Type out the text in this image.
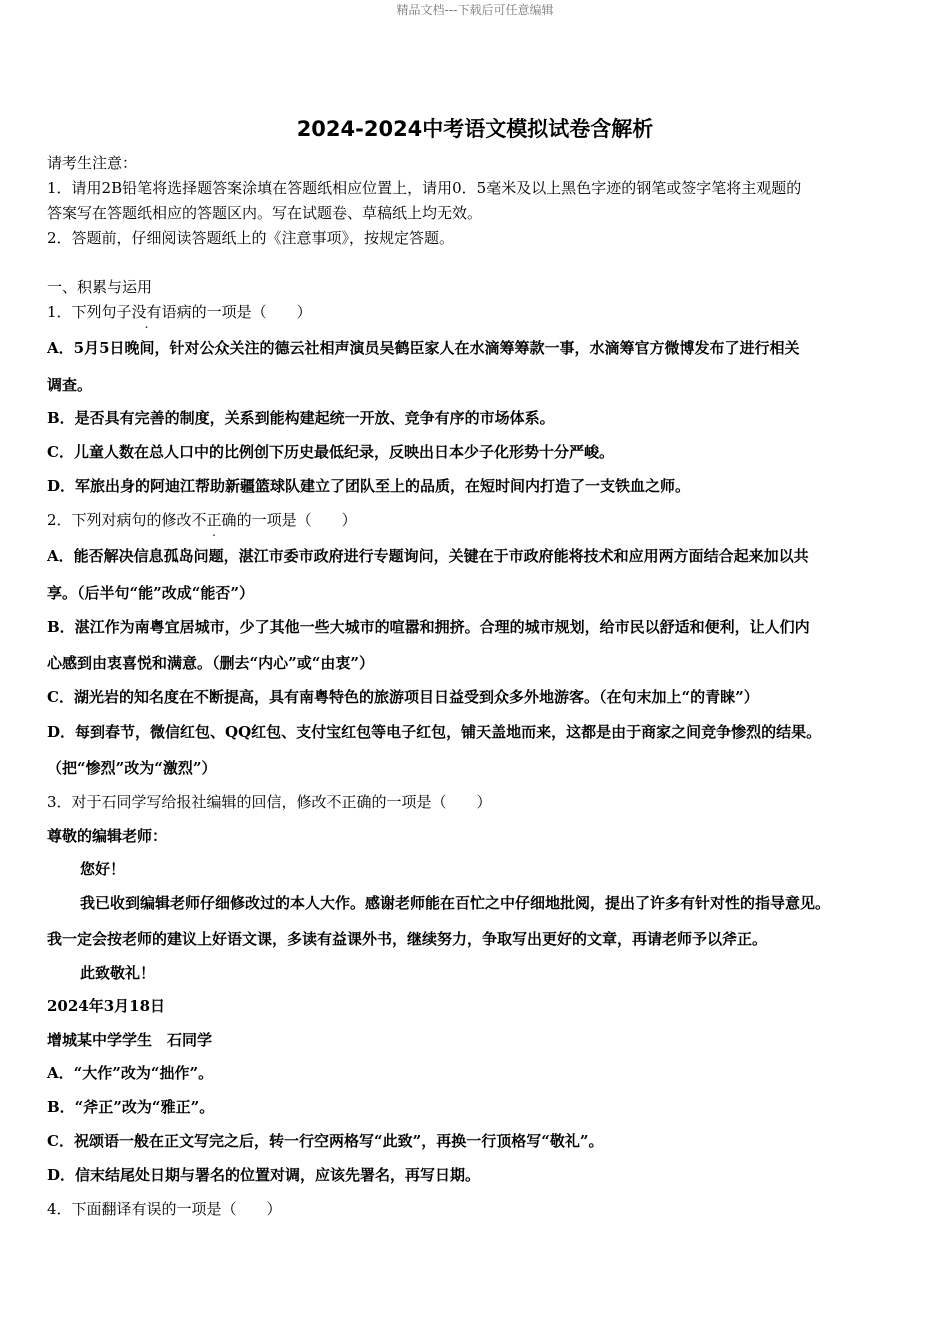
精品文档---下载后可任意编辑
2024-2024中考语文模拟试卷含解析
请考生注意：
1．请用2B铅笔将选择题答案涂填在答题纸相应位置上，请用0．5毫米及以上黑色字迹的钢笔或签字笔将主观题的
答案写在答题纸相应的答题区内。写在试题卷、草稿纸上均无效。
2．答题前，仔细阅读答题纸上的《注意事项》，按规定答题。
一、积累与运用
1．下列句子没有语病的一项是（　　）
A．5月5日晚间，针对公众关注的德云社相声演员吴鹤臣家人在水滴筹筹款一事，水滴筹官方微博发布了进行相关
调查。
B．是否具有完善的制度，关系到能构建起统一开放、竞争有序的市场体系。
C．儿童人数在总人口中的比例创下历史最低纪录，反映出日本少子化形势十分严峻。
D．军旅出身的阿迪江帮助新疆篮球队建立了团队至上的品质，在短时间内打造了一支铁血之师。
2．下列对病句的修改不正确的一项是（　　）
A．能否解决信息孤岛问题，湛江市委市政府进行专题询问，关键在于市政府能将技术和应用两方面结合起来加以共
享。（后半句“能”改成“能否”）
B．湛江作为南粤宜居城市，少了其他一些大城市的喧嚣和拥挤。合理的城市规划，给市民以舒适和便利，让人们内
心感到由衷喜悦和满意。（删去“内心”或“由衷”）
C．湖光岩的知名度在不断提高，具有南粤特色的旅游项目日益受到众多外地游客。（在句末加上“的青睐”）
D．每到春节，微信红包、QQ红包、支付宝红包等电子红包，铺天盖地而来，这都是由于商家之间竞争惨烈的结果。
（把“惨烈”改为“激烈”）
3．对于石同学写给报社编辑的回信，修改不正确的一项是（　　）
尊敬的编辑老师：
您好！
我已收到编辑老师仔细修改过的本人大作。感谢老师能在百忙之中仔细地批阅，提出了许多有针对性的指导意见。
我一定会按老师的建议上好语文课，多读有益课外书，继续努力，争取写出更好的文章，再请老师予以斧正。
此致敬礼！
2024年3月18日
增城某中学学生　石同学
A．“大作”改为“拙作”。
B．“斧正”改为“雅正”。
C．祝颂语一般在正文写完之后，转一行空两格写“此致”，再换一行顶格写“敬礼”。
D．信末结尾处日期与署名的位置对调，应该先署名，再写日期。
4．下面翻译有误的一项是（　　）
